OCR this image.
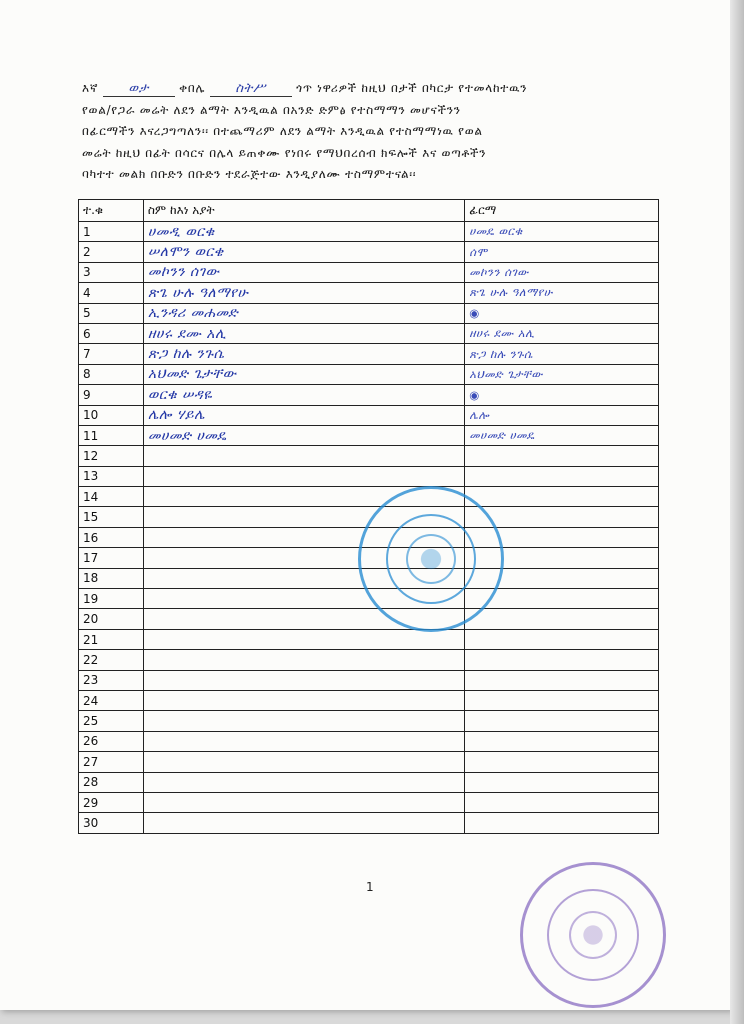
እኛ ወታ ቀበሌ ስትሥ ጎጥ ነዋሪዎች ከዚህ በታች በካርታ የተመላከተዉን
የወል/የጋራ መሬት ለደን ልማት እንዲዉል በአንድ ድምፅ የተስማማን መሆናችንን
በፊርማችን እናረጋግጣለን፡፡ በተጨማሪም ለደን ልማት እንዲዉል የተስማማነዉ የወል
መሬት ከዚህ በፊት በሳርና በሌላ ይጠቀሙ የነበሩ የማህበረሰብ ክፍሎች እና ወጣቶችን
ባካተተ መልክ በቡድን በቡድን ተደራጅተው እንዲያለሙ ተስማምተናል፡፡
ተ.ቁ	ስም ከእነ አያት	ፊርማ
1	ሀመዲ ወርቁ	ሀመዴ ወርቁ
2	ሠለሞን ወርቄ	ሰሞ
3	መኮንን ሰገው	መኮንን ሰገው
4	ጽጌ ሁሉ ዓለማየሁ	ጽጌ ሁሉ ዓለማየሁ
5	ኢንዳሪ መሐመድ	◉
6	ዘሀሩ ደሙ አሊ	ዘሀሩ ደሙ አሊ
7	ጽጋ ከሉ ንጉሴ	ጽጋ ከሉ ንጉሴ
8	አህመድ ጌታቸው	አህመድ ጌታቸው
9	ወርቁ ሠዳዬ	◉
10	ሌሎ ሃይሌ	ሌሎ
11	መሀመድ ሀመዴ	መሀመድ ሀመዴ
12		
13		
14		
15		
16		
17		
18		
19		
20		
21		
22		
23		
24		
25		
26		
27		
28		
29		
30		
1
